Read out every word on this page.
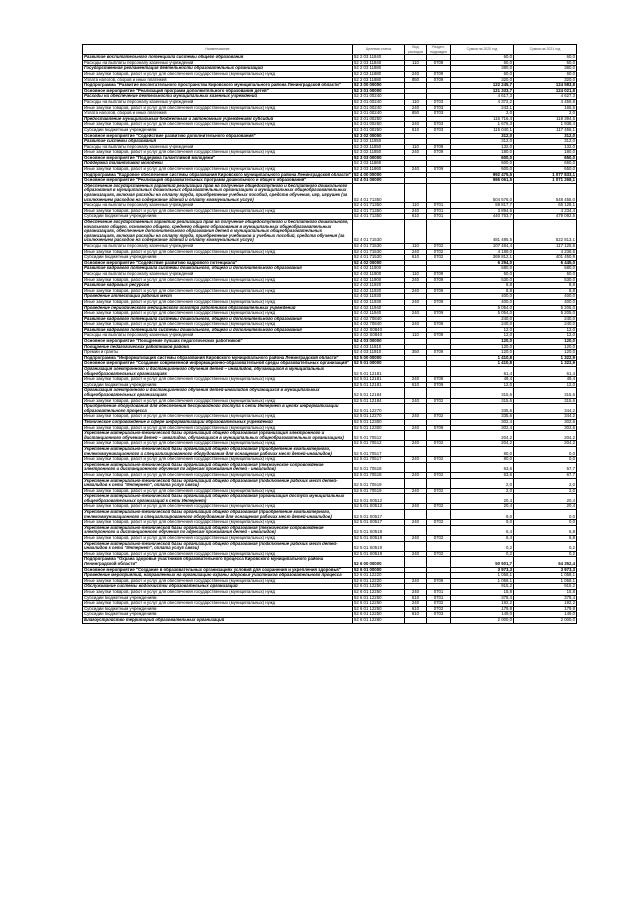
Наименование	Целевая статья	Вид расходов	Раздел, подраздел	Сумма на 2020 год	Сумма на 2021 год
Развитие воспитательного потенциала системы общего образования	52 2 03 11840			60,0	60,0
Расходы на выплаты персоналу казенных учреждений	52 2 03 11840	110	0709	60,0	60,0
Государственная регламентация деятельности образовательных организаций	52 2 03 11880			380,0	380,0
Иные закупки товаров, работ и услуг для обеспечения государственных (муниципальных) нужд	52 2 03 11880	240	0709	60,0	60,0
Уплата налогов, сборов и иных платежей	52 2 03 11880	850	0709	320,0	320,0
Подпрограмма "Развитие воспитательного пространства Кировского муниципального района Ленинградской области"	52 3 00 00000			122 245,7	124 583,8
Основное мероприятие "Реализация программ дополнительного образования детей"	52 3 01 00000			121 333,7	124 021,8
Расходы на обеспечение деятельности муниципальных казенных учреждений	52 3 01 00240			4 617,3	4 627,3
Расходы на выплаты персоналу казенных учреждений	52 3 01 00240	110	0703	4 372,2	4 459,8
Иные закупки товаров, работ и услуг для обеспечения государственных (муниципальных) нужд	52 3 01 00240	240	0703	243,1	165,5
Уплата налогов, сборов и иных платежей	52 3 01 00240	850	0703	2,0	2,0
Предоставление муниципальным бюджетным и автономным учреждениям субсидий	52 3 01 00250			116 716,4	119 394,5
Иные закупки товаров, работ и услуг для обеспечения государственных (муниципальных) нужд	52 3 01 00250	240	0703	1 676,3	1 938,4
Субсидии бюджетным учреждениям	52 3 01 00250	610	0703	115 040,1	117 456,1
Основное мероприятие "Содействие развитию дополнительного образования"	52 3 02 00000			312,0	312,0
Развитие системы образования	52 3 02 11850			312,0	312,0
Расходы на выплаты персоналу казенных учреждений	52 3 02 11850	110	0709	132,0	132,0
Иные закупки товаров, работ и услуг для обеспечения государственных (муниципальных) нужд	52 3 02 11850	240	0709	180,0	180,0
Основное мероприятие "Поддержка талантливой молодежи"	52 3 03 00000			600,0	650,0
Поддержка талантливой молодежи	52 3 03 11860			600,0	650,0
Иные закупки товаров, работ и услуг для обеспечения государственных (муниципальных) нужд	52 3 03 11860	240	0709	600,0	650,0
Подпрограмма "Кадровое обеспечение системы образования Кировского муниципального района Ленинградской области"	52 4 00 00000			992 475,5	1 077 833,1
Основное мероприятие "Реализация образовательных программ дошкольного и общего образования"	52 4 01 00000			986 061,5	1 071 268,1
Обеспечение государственных гарантий реализации прав на получение общедоступного и бесплатного дошкольного образования в муниципальных дошкольных образовательных организациях и муниципальных общеобразовательных организациях, включая расходы на оплату труда, приобретение учебных пособий, средств обучения, игр, игрушек (за исключением расходов на содержание зданий и оплату коммунальных услуг)	52 4 01 71350			504 576,0	548 455,0
Расходы на выплаты персоналу казенных учреждений	52 4 01 71350	110	0701	59 817,7	65 128,1
Иные закупки товаров, работ и услуг для обеспечения государственных (муниципальных) нужд	52 4 01 71350	240	0701	3 894,6	4 234,4
Субсидии бюджетным учреждениям	52 4 01 71350	610	0701	440 763,7	479 092,5
Обеспечение государственных гарантий реализации прав на получение общедоступного и бесплатного дошкольного, начального общего, основного общего, среднего общего образования в муниципальных общеобразовательных организациях, обеспечение дополнительного образования детей в муниципальных общеобразовательных организациях, включая расходы на оплату труда, приобретение учебников и учебных пособий, средств обучения (за исключением расходов на содержание зданий и оплату коммунальных услуг)	52 4 01 71530			481 485,5	522 813,1
Расходы на выплаты персоналу казенных учреждений	52 4 01 71530	110	0702	107 484,4	117 125,6
Иные закупки товаров, работ и услуг для обеспечения государственных (муниципальных) нужд	52 4 01 71530	240	0702	4 189,0	4 236,6
Субсидии бюджетным учреждениям	52 4 01 71530	610	0702	369 812,1	401 450,9
Основное мероприятие "Содействие развитию кадрового потенциала"	52 4 02 00000			6 294,0	6 445,0
Развитие кадрового потенциала системы дошкольного, общего и дополнительного образования	52 4 02 11900			580,0	580,0
Расходы на выплаты персоналу казенных учреждений	52 4 02 11900	110	0709	50,0	50,0
Иные закупки товаров, работ и услуг для обеспечения государственных (муниципальных) нужд	52 4 02 11900	240	0709	530,0	530,0
Развитие кадровых ресурсов	52 4 02 11920			8,8	8,8
Иные закупки товаров, работ и услуг для обеспечения государственных (муниципальных) нужд	52 4 02 11920	240	0709	8,8	8,8
Проведение аттестации рабочих мест	52 4 02 11930			400,0	400,0
Иные закупки товаров, работ и услуг для обеспечения государственных (муниципальных) нужд	52 4 02 11930	240	0709	400,0	400,0
Проведение периодического медицинского осмотра работников образовательных учреждений	52 4 02 11940			5 054,0	5 205,0
Иные закупки товаров, работ и услуг для обеспечения государственных (муниципальных) нужд	52 4 02 11940	240	0709	5 054,0	5 205,0
Развитие кадрового потенциала системы дошкольного, общего и дополнительного образования	52 4 02 70840			240,0	240,0
Иные закупки товаров, работ и услуг для обеспечения государственных (муниципальных) нужд	52 4 02 70840	240	0709	240,0	240,0
Развитие кадрового потенциала системы дошкольного, общего и дополнительного образования	52 4 02 S0840			12,0	12,0
Расходы на выплаты персоналу казенных учреждений	52 4 02 S0840	110	0709	12,0	12,0
Основное мероприятие "Поощрение лучших педагогических работников"	52 4 03 00000			120,0	120,0
Поощрение педагогических работников района	52 4 03 11910			120,0	120,0
Премии и гранты	52 4 03 11910	350	0709	120,0	120,0
Подпрограмма "Информатизация системы образования Кировского муниципального района Ленинградской области"	52 5 00 00000			1 410,8	1 322,9
Основное мероприятие "Создание современной информационно-образовательной среды образовательных организаций"	52 5 01 00000			1 410,8	1 322,9
Организация электронного и дистанционного обучения детей – инвалидов, обучающихся в муниципальных общеобразовательных организациях	52 5 01 12181			61,4	61,4
Иные закупки товаров, работ и услуг для обеспечения государственных (муниципальных) нужд	52 5 01 12181	240	0709	49,4	49,4
Субсидии бюджетным учреждениям	52 5 01 12181	610	0709	12,0	12,0
Организация электронного и дистанционного обучения детей-инвалидов обучающихся в муниципальных общеобразовательных организациях	52 5 01 12184			315,6	315,6
Иные закупки товаров, работ и услуг для обеспечения государственных (муниципальных) нужд	52 5 01 12184	240	0702	315,6	315,6
Приобретение оборудования для обеспечения беспроводного доступа к сети Интернет в целях информатизации образовательного процесса	52 5 01 12270			335,6	344,2
Иные закупки товаров, работ и услуг для обеспечения государственных (муниципальных) нужд	52 5 01 12270	240	0702	335,6	344,2
Техническое сопровождение в сфере информатизации образовательных учреждений	52 5 01 12300			302,4	302,6
Иные закупки товаров, работ и услуг для обеспечения государственных (муниципальных) нужд	52 5 01 12300	240	0709	302,4	302,6
Укрепление материально-технической базы организаций общего образования (организация электронного и дистанционного обучения детей – инвалидов, обучающихся в муниципальных общеобразовательных организациях)	52 5 01 70512			204,2	204,2
Иные закупки товаров, работ и услуг для обеспечения государственных (муниципальных) нужд	52 5 01 70512	240	0702	204,2	204,2
Укрепление материально-технической базы организаций общего образования (приобретение компьютерного, телекоммуникационного и специализированного оборудования для оснащения рабочих мест детей-инвалидов)	52 5 01 70517			80,0	0,0
Иные закупки товаров, работ и услуг для обеспечения государственных (муниципальных) нужд	52 5 01 70517	240	0702	80,0	0,0
Укрепление материально-технической базы организаций общего образования (техническое сопровождение электронного и дистанционного обучения по адресам проживания детей - инвалидов)	52 5 01 70518			63,6	67,7
Иные закупки товаров, работ и услуг для обеспечения государственных (муниципальных) нужд	52 5 01 70518	240	0702	63,6	67,7
Укрепление материально-технической базы организаций общего образования (подключение рабочих мест детей-инвалидов к сети "Интернет", оплата услуг связи)	52 5 01 70519			2,0	2,0
Иные закупки товаров, работ и услуг для обеспечения государственных (муниципальных) нужд	52 5 01 70519	240	0702	2,0	2,0
Укрепление материально-технической базы организаций общего образования (организация доступа муниципальных общеобразовательных организаций к сети Интернет)	52 5 01 S0512			20,4	20,4
Иные закупки товаров, работ и услуг для обеспечения государственных (муниципальных) нужд	52 5 01 S0512	240	0702	20,4	20,4
Укрепление материально-технической базы организаций общего образования (приобретение компьютерного, телекоммуникационного и специализированного оборудования для оснащения рабочих мест детей-инвалидов)	52 5 01 S0517			9,0	0,0
Иные закупки товаров, работ и услуг для обеспечения государственных (муниципальных) нужд	52 5 01 S0517	240	0702	9,0	0,0
Укрепление материально-технической базы организаций общего образования (техническое сопровождение электронного и дистанционного обучения по адресам проживания детей - инвалидов)	52 5 01 S0518			6,4	6,8
Иные закупки товаров, работ и услуг для обеспечения государственных (муниципальных) нужд	52 5 01 S0518	240	0702	6,4	6,8
Укрепление материально-технической базы организаций общего образования (подключение рабочих мест детей-инвалидов к сети "Интернет", оплата услуг связи)	52 5 01 S0519			0,2	0,2
Иные закупки товаров, работ и услуг для обеспечения государственных (муниципальных) нужд	52 5 01 S0519	240	0702	0,2	0,2
Подпрограмма "Охрана здоровья участников образовательного процесса Кировского муниципального района Ленинградской области"	52 6 00 00000			50 501,7	54 352,4
Основное мероприятие "Создание в образовательных организациях условий для сохранения и укрепления здоровья"	52 6 01 00000			3 973,3	3 973,3
Проведение мероприятий, направленных на организацию охраны здоровья участников образовательного процесса	52 6 01 12220			1 058,1	1 058,1
Иные закупки товаров, работ и услуг для обеспечения государственных (муниципальных) нужд	52 6 01 12220	240	0709	1 058,1	1 058,1
Обслуживание системы водоочистки образовательных организаций	52 6 01 12250			915,2	915,2
Иные закупки товаров, работ и услуг для обеспечения государственных (муниципальных) нужд	52 6 01 12250	240	0701	15,8	15,8
Субсидии бюджетным учреждениям	52 6 01 12250	610	0701	378,4	378,4
Иные закупки товаров, работ и услуг для обеспечения государственных (муниципальных) нужд	52 6 01 12250	240	0702	192,2	192,2
Субсидии бюджетным учреждениям	52 6 01 12250	610	0702	179,8	179,8
Субсидии бюджетным учреждениям	52 6 01 12250	610	0703	149,0	149,0
Благоустройство территорий образовательных организаций	52 6 01 12260			2 000,0	2 000,0
